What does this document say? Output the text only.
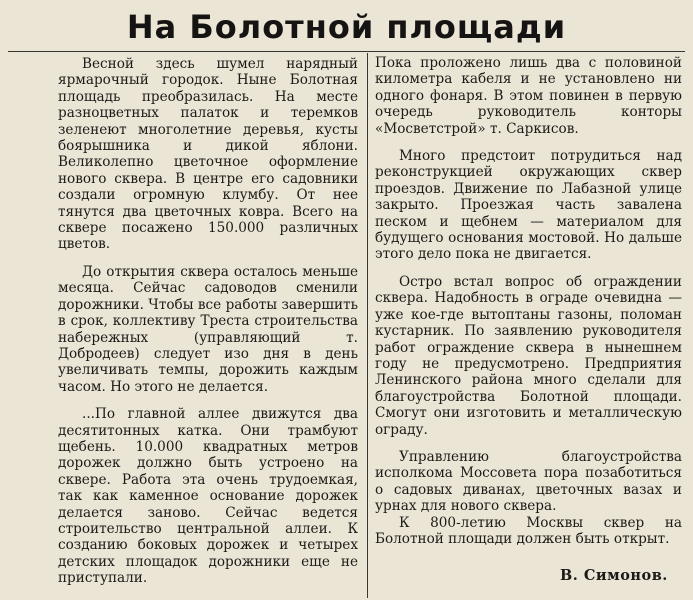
На Болотной площади

Весной здесь шумел нарядный ярмарочный городок. Ныне Болотная площадь преобразилась. На месте разноцветных палаток и теремков зеленеют многолетние деревья, кусты боярышника и дикой яблони. Великолепно цветочное оформление нового сквера. В центре его садовники создали огромную клумбу. От нее тянутся два цветочных ковра. Всего на сквере посажено 150.000 различных цветов.

До открытия сквера осталось меньше месяца. Сейчас садоводов сменили дорожники. Чтобы все работы завершить в срок, коллективу Треста строительства набережных (управляющий т. Добродеев) следует изо дня в день увеличивать темпы, дорожить каждым часом. Но этого не делается.

...По главной аллее движутся два десятитонных катка. Они трамбуют щебень. 10.000 квадратных метров дорожек должно быть устроено на сквере. Работа эта очень трудоемкая, так как каменное основание дорожек делается заново. Сейчас ведется строительство центральной аллеи. К созданию боковых дорожек и четырех детских площадок дорожники еще не приступали.

Пока проложено лишь два с половиной километра кабеля и не установлено ни одного фонаря. В этом повинен в первую очередь руководитель конторы «Мосветстрой» т. Саркисов.

Много предстоит потрудиться над реконструкцией окружающих сквер проездов. Движение по Лабазной улице закрыто. Проезжая часть завалена песком и щебнем — материалом для будущего основания мостовой. Но дальше этого дело пока не двигается.

Остро встал вопрос об ограждении сквера. Надобность в ограде очевидна — уже кое-где вытоптаны газоны, поломан кустарник. По заявлению руководителя работ ограждение сквера в нынешнем году не предусмотрено. Предприятия Ленинского района много сделали для благоустройства Болотной площади. Смогут они изготовить и металлическую ограду.

Управлению благоустройства исполкома Моссовета пора позаботиться о садовых диванах, цветочных вазах и урнах для нового сквера.

К 800-летию Москвы сквер на Болотной площади должен быть открыт.

В. Симонов.
